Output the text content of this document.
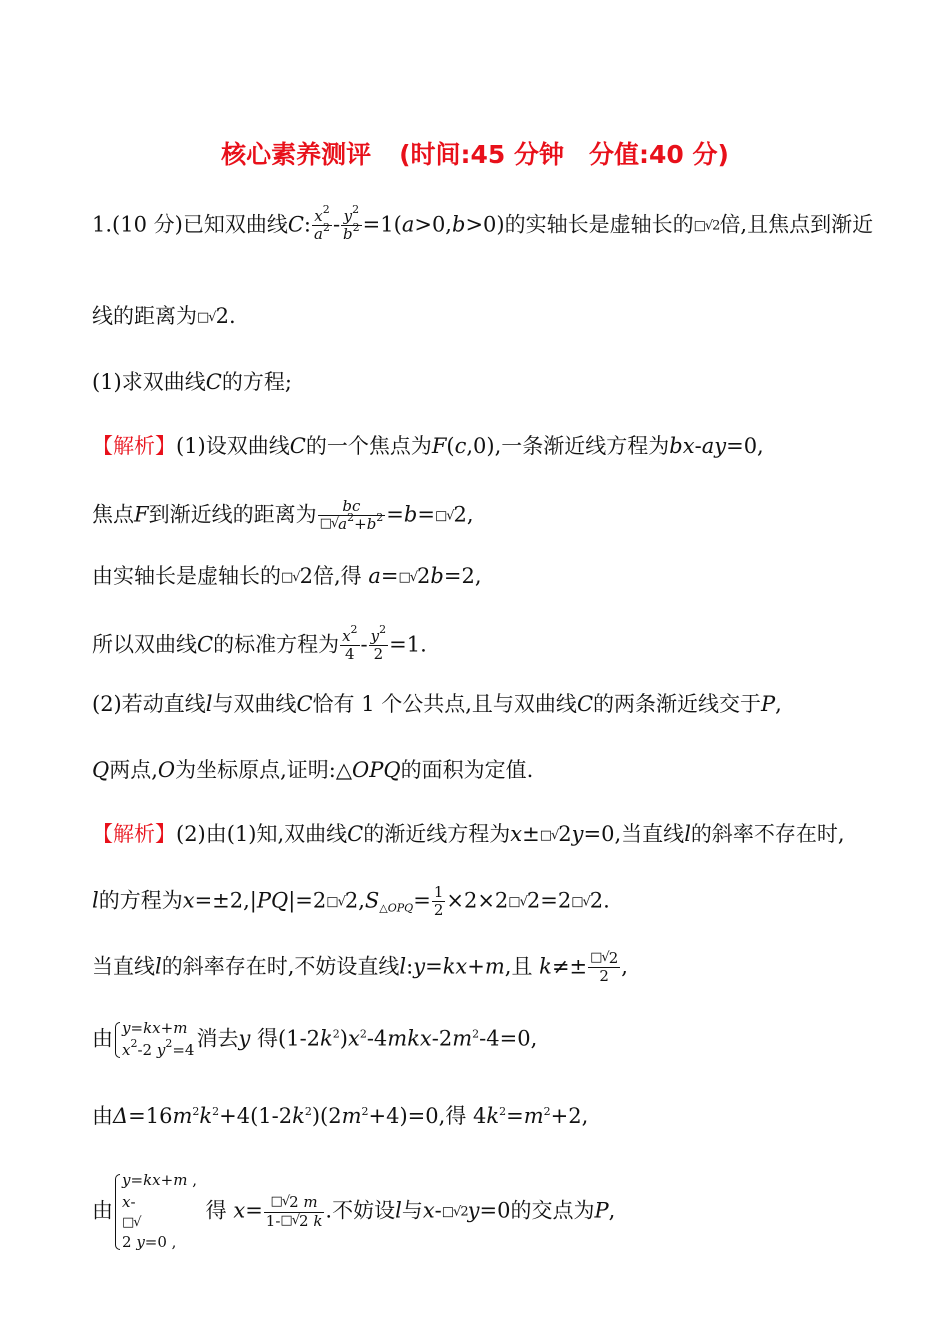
核心素养测评 (时间:45 分钟　分值:40 分)
1.(10 分)已知双曲线C: $\frac{x^2}{a^2} - \frac{y^2}{b^2} =1(a>0,b>0)$的实轴长是虚轴长的□√2倍,且焦点到渐近
线的距离为□√2.
(1)求双曲线C的方程;
【解析】(1)设双曲线C的一个焦点为F(c,0),一条渐近线方程为bx-ay=0,
焦点F到渐近线的距离为 $\frac{bc}{□√a^2+b^2}$ =b=□√2,
由实轴长是虚轴长的□√2倍,得 a=□√2b=2,
所以双曲线C的标准方程为 $\frac{x^2}{4} - \frac{y^2}{2} =1$.
(2)若动直线l与双曲线C恰有 1 个公共点,且与双曲线C的两条渐近线交于P,
Q两点,O为坐标原点,证明:△OPQ的面积为定值.
【解析】(2)由(1)知,双曲线C的渐近线方程为x±□√2y=0,当直线l的斜率不存在时,
l的方程为$x=\pm 2,|PQ|=2□√2,S_{\triangle OPQ}= \frac{1}{2}$ ×2×2□√2=2□√2.
当直线l的斜率存在时,不妨设直线l:y=kx+m,且 $k\ne\pm \frac{□√2}{2}$ ,
由 y=kx+m
$x^2-2$ $y^2=4$ 消去y 得$(1-2k^2)x^2-4mkx-2m^2-4=0$,
由$\Delta=16m^2k^2+4(1-2k^2)(2m^2+4)=0$,得 $4k^2=m^2+2$,
由
y=kx+m ,
x-
□√
2 y=0 ,
得 $x= \frac{□√2 m}{1-□√2 k}$ .不妨设l与x-□√2y=0的交点为P,
